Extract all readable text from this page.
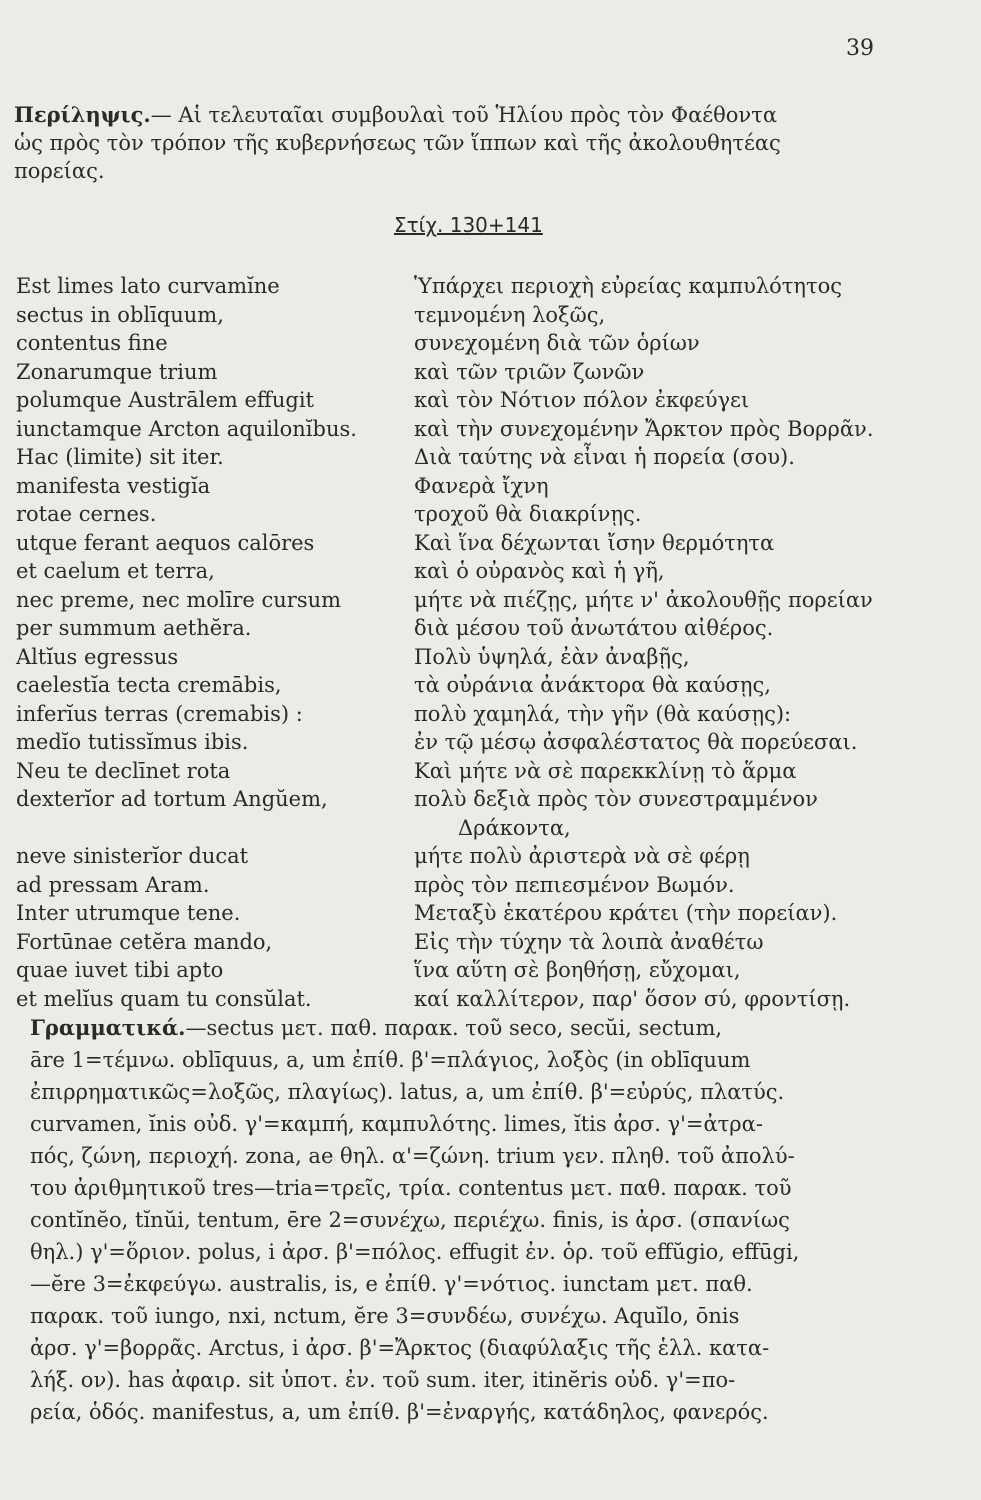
39
Περίληψις.— Αἱ τελευταῖαι συμβουλαὶ τοῦ Ἡλίου πρὸς τὸν Φαέθοντα
ὡς πρὸς τὸν τρόπον τῆς κυβερνήσεως τῶν ἵππων καὶ τῆς ἀκολουθητέας
πορείας.
Στίχ. 130+141
Est limes lato curvamĭne
sectus in oblīquum,
contentus fine
Zonarumque trium
polumque Austrālem effugit
iunctamque Arcton aquilonĭbus.
Hac (limite) sit iter.
manifesta vestigĭa
rotae cernes.
utque ferant aequos calōres
et caelum et terra,
nec preme, nec molīre cursum
per summum aethĕra.
Altĭus egressus
caelestĭa tecta cremābis,
inferĭus terras (cremabis) :
medĭo tutissĭmus ibis.
Neu te declīnet rota
dexterĭor ad tortum Angŭem,
neve sinisterĭor ducat
ad pressam Aram.
Inter utrumque tene.
Fortūnae cetĕra mando,
quae iuvet tibi apto
et melĭus quam tu consŭlat.
Ὑπάρχει περιοχὴ εὐρείας καμπυλότητος
τεμνομένη λοξῶς,
συνεχομένη διὰ τῶν ὁρίων
καὶ τῶν τριῶν ζωνῶν
καὶ τὸν Νότιον πόλον ἐκφεύγει
καὶ τὴν συνεχομένην Ἄρκτον πρὸς Βορρᾶν.
Διὰ ταύτης νὰ εἶναι ἡ πορεία (σου).
Φανερὰ ἴχνη
τροχοῦ θὰ διακρίνῃς.
Καὶ ἵνα δέχωνται ἴσην θερμότητα
καὶ ὁ οὐρανὸς καὶ ἡ γῆ,
μήτε νὰ πιέζῃς, μήτε ν' ἀκολουθῇς πορείαν
διὰ μέσου τοῦ ἀνωτάτου αἰθέρος.
Πολὺ ὑψηλά, ἐὰν ἀναβῇς,
τὰ οὐράνια ἀνάκτορα θὰ καύσῃς,
πολὺ χαμηλά, τὴν γῆν (θὰ καύσῃς):
ἐν τῷ μέσῳ ἀσφαλέστατος θὰ πορεύεσαι.
Καὶ μήτε νὰ σὲ παρεκκλίνῃ τὸ ἅρμα
πολὺ δεξιὰ πρὸς τὸν συνεστραμμένον
Δράκοντα,
μήτε πολὺ ἀριστερὰ νὰ σὲ φέρῃ
πρὸς τὸν πεπιεσμένον Βωμόν.
Μεταξὺ ἑκατέρου κράτει (τὴν πορείαν).
Εἰς τὴν τύχην τὰ λοιπὰ ἀναθέτω
ἵνα αὕτη σὲ βοηθήσῃ, εὔχομαι,
καί καλλίτερον, παρ' ὅσον σύ, φροντίσῃ.
Γραμματικά.—sectus μετ. παθ. παρακ. τοῦ seco, secŭi, sectum,
āre 1=τέμνω. oblīquus, a, um ἐπίθ. β'=πλάγιος, λοξὸς (in oblīquum
ἐπιρρηματικῶς=λοξῶς, πλαγίως). latus, a, um ἐπίθ. β'=εὐρύς, πλατύς.
curvamen, ĭnis οὐδ. γ'=καμπή, καμπυλότης. limes, ĭtis ἀρσ. γ'=ἀτρα-
πός, ζώνη, περιοχή. zona, ae θηλ. α'=ζώνη. trium γεν. πληθ. τοῦ ἀπολύ-
του ἀριθμητικοῦ tres—tria=τρεῖς, τρία. contentus μετ. παθ. παρακ. τοῦ
contĭnĕo, tĭnŭi, tentum, ēre 2=συνέχω, περιέχω. finis, is ἀρσ. (σπανίως
θηλ.) γ'=ὅριον. polus, i ἀρσ. β'=πόλος. effugit ἐν. ὁρ. τοῦ effŭgio, effūgi,
—ĕre 3=ἐκφεύγω. australis, is, e ἐπίθ. γ'=νότιος. iunctam μετ. παθ.
παρακ. τοῦ iungo, nxi, nctum, ĕre 3=συνδέω, συνέχω. Aquĭlo, ōnis
ἀρσ. γ'=βορρᾶς. Arctus, i ἀρσ. β'=Ἄρκτος (διαφύλαξις τῆς ἑλλ. κατα-
λήξ. ον). has ἀφαιρ. sit ὑποτ. ἐν. τοῦ sum. iter, itinĕris οὐδ. γ'=πο-
ρεία, ὁδός. manifestus, a, um ἐπίθ. β'=ἐναργής, κατάδηλος, φανερός.
